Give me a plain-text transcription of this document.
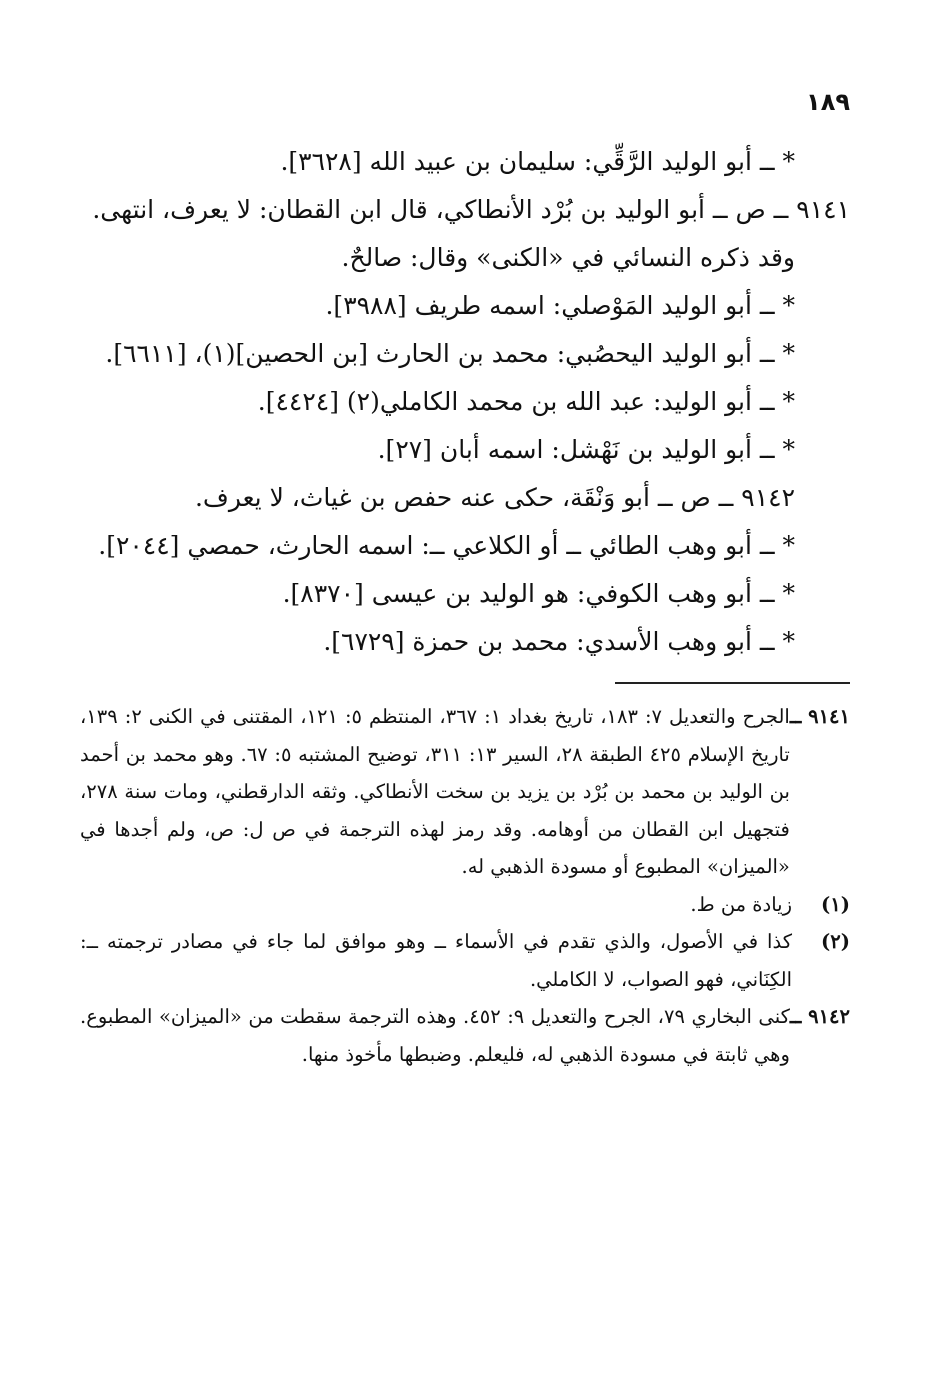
١٨٩

* ــ أبو الوليد الرَّقِّي: سليمان بن عبيد الله [٣٦٢٨].

٩١٤١ ــ ص ــ أبو الوليد بن بُرْد الأنطاكي، قال ابن القطان: لا يعرف، انتهى.

وقد ذكره النسائي في «الكنى» وقال: صالحٌ.

* ــ أبو الوليد المَوْصلي: اسمه طريف [٣٩٨٨].

* ــ أبو الوليد اليحصُبي: محمد بن الحارث [بن الحصين](١)، [٦٦١١].

* ــ أبو الوليد: عبد الله بن محمد الكاملي(٢) [٤٤٢٤].

* ــ أبو الوليد بن نَهْشل: اسمه أبان [٢٧].

٩١٤٢ ــ ص ــ أبو وَنْقَة، حكى عنه حفص بن غياث، لا يعرف.

* ــ أبو وهب الطائي ــ أو الكلاعي ــ: اسمه الحارث، حمصي [٢٠٤٤].

* ــ أبو وهب الكوفي: هو الوليد بن عيسى [٨٣٧٠].

* ــ أبو وهب الأسدي: محمد بن حمزة [٦٧٢٩].

٩١٤١ ــ
الجرح والتعديل ٧: ١٨٣، تاريخ بغداد ١: ٣٦٧، المنتظم ٥: ١٢١، المقتنى في الكنى ٢: ١٣٩، تاريخ الإسلام ٤٢٥ الطبقة ٢٨، السير ١٣: ٣١١، توضيح المشتبه ٥: ٦٧. وهو محمد بن أحمد بن الوليد بن محمد بن بُرْد بن يزيد بن سخت الأنطاكي. وثقه الدارقطني، ومات سنة ٢٧٨، فتجهيل ابن القطان من أوهامه. وقد رمز لهذه الترجمة في ص ل: ص، ولم أجدها في «الميزان» المطبوع أو مسودة الذهبي له.
(١)
زيادة من ط.
(٢)
كذا في الأصول، والذي تقدم في الأسماء ــ وهو موافق لما جاء في مصادر ترجمته ــ: الكِنَاني، فهو الصواب، لا الكاملي.
٩١٤٢ ــ
كنى البخاري ٧٩، الجرح والتعديل ٩: ٤٥٢. وهذه الترجمة سقطت من «الميزان» المطبوع. وهي ثابتة في مسودة الذهبي له، فليعلم. وضبطها مأخوذ منها.
